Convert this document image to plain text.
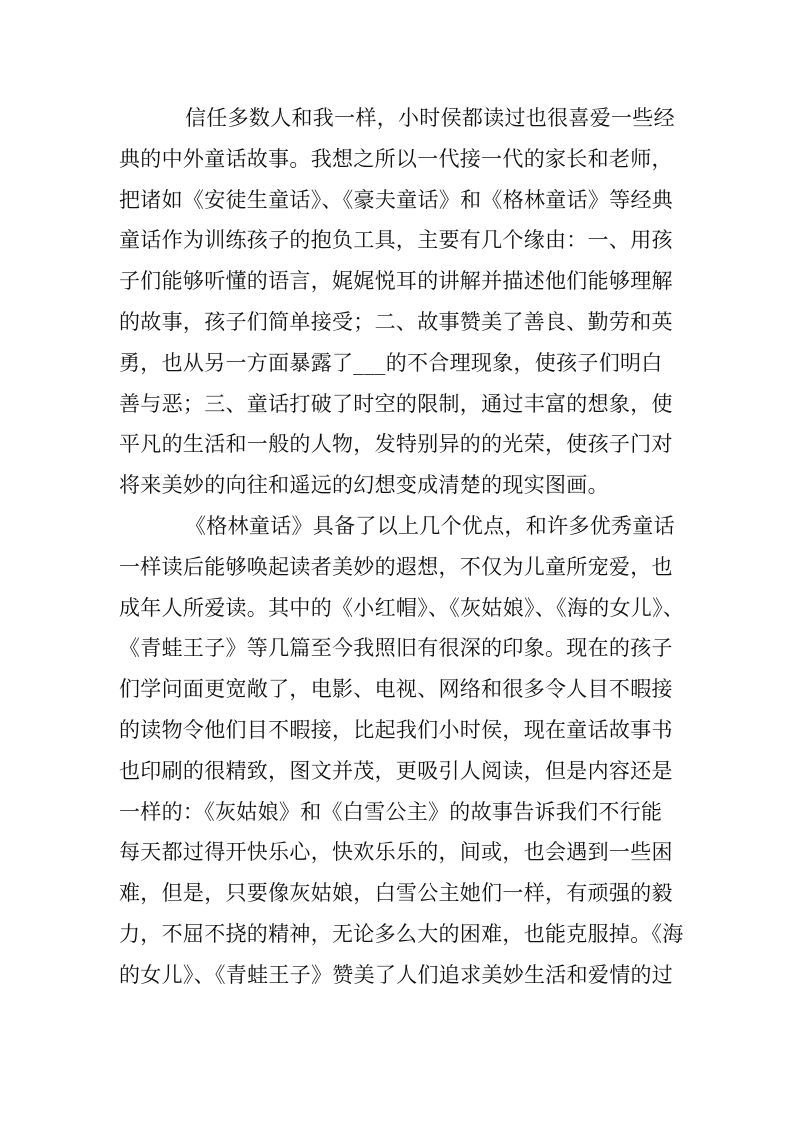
信任多数人和我一样，小时侯都读过也很喜爱一些经
典的中外童话故事。我想之所以一代接一代的家长和老师，
把诸如《安徒生童话》、《豪夫童话》和《格林童话》等经典
童话作为训练孩子的抱负工具，主要有几个缘由：一、用孩
子们能够听懂的语言，娓娓悦耳的讲解并描述他们能够理解
的故事，孩子们简单接受；二、故事赞美了善良、勤劳和英
勇，也从另一方面暴露了___的不合理现象，使孩子们明白
善与恶；三、童话打破了时空的限制，通过丰富的想象，使
平凡的生活和一般的人物，发特别异的的光荣，使孩子门对
将来美妙的向往和遥远的幻想变成清楚的现实图画。
《格林童话》具备了以上几个优点，和许多优秀童话
一样读后能够唤起读者美妙的遐想，不仅为儿童所宠爱，也
成年人所爱读。其中的《小红帽》、《灰姑娘》、《海的女儿》、
《青蛙王子》等几篇至今我照旧有很深的印象。现在的孩子
们学问面更宽敞了，电影、电视、网络和很多令人目不暇接
的读物令他们目不暇接，比起我们小时侯，现在童话故事书
也印刷的很精致，图文并茂，更吸引人阅读，但是内容还是
一样的：《灰姑娘》和《白雪公主》的故事告诉我们不行能
每天都过得开快乐心，快欢乐乐的，间或，也会遇到一些困
难，但是，只要像灰姑娘，白雪公主她们一样，有顽强的毅
力，不屈不挠的精神，无论多么大的困难，也能克服掉。《海
的女儿》、《青蛙王子》赞美了人们追求美妙生活和爱情的过
